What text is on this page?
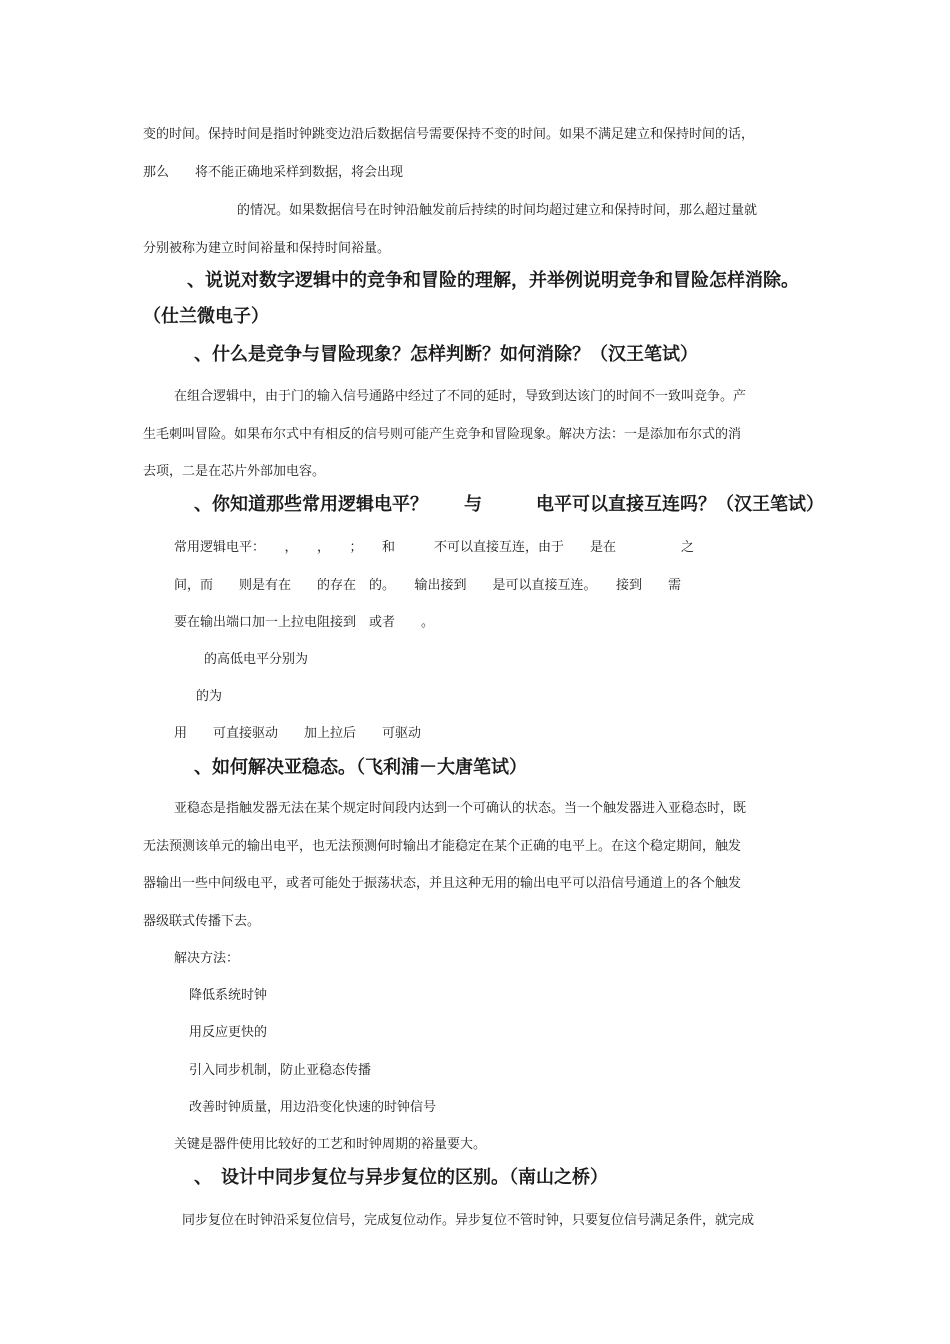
变的时间。保持时间是指时钟跳变边沿后数据信号需要保持不变的时间。如果不满足建立和保持时间的话，

那么　　将不能正确地采样到数据，将会出现

的情况。如果数据信号在时钟沿触发前后持续的时间均超过建立和保持时间，那么超过量就

分别被称为建立时间裕量和保持时间裕量。

、说说对数字逻辑中的竞争和冒险的理解，并举例说明竞争和冒险怎样消除。
（仕兰微电子）
、什么是竞争与冒险现象？怎样判断？如何消除？（汉王笔试）

在组合逻辑中，由于门的输入信号通路中经过了不同的延时，导致到达该门的时间不一致叫竞争。产

生毛刺叫冒险。如果布尔式中有相反的信号则可能产生竞争和冒险现象。解决方法：一是添加布尔式的消

去项，二是在芯片外部加电容。

、你知道那些常用逻辑电平？　　与　　　电平可以直接互连吗？（汉王笔试）

常用逻辑电平：　　，　　，　　；　　和　　　不可以直接互连，由于　　是在　　　　　之

间，而　　则是有在　　的存在　的。　　输出接到　　是可以直接互连。　　接到　　需

要在输出端口加一上拉电阻接到　或者　　。

的高低电平分别为

的为

用　　可直接驱动　　加上拉后　　可驱动

、如何解决亚稳态。（飞利浦－大唐笔试）

亚稳态是指触发器无法在某个规定时间段内达到一个可确认的状态。当一个触发器进入亚稳态时，既

无法预测该单元的输出电平，也无法预测何时输出才能稳定在某个正确的电平上。在这个稳定期间，触发

器输出一些中间级电平，或者可能处于振荡状态，并且这种无用的输出电平可以沿信号通道上的各个触发

器级联式传播下去。

解决方法：

降低系统时钟

用反应更快的

引入同步机制，防止亚稳态传播

改善时钟质量，用边沿变化快速的时钟信号

关键是器件使用比较好的工艺和时钟周期的裕量要大。

、　设计中同步复位与异步复位的区别。（南山之桥）

同步复位在时钟沿采复位信号，完成复位动作。异步复位不管时钟，只要复位信号满足条件，就完成
